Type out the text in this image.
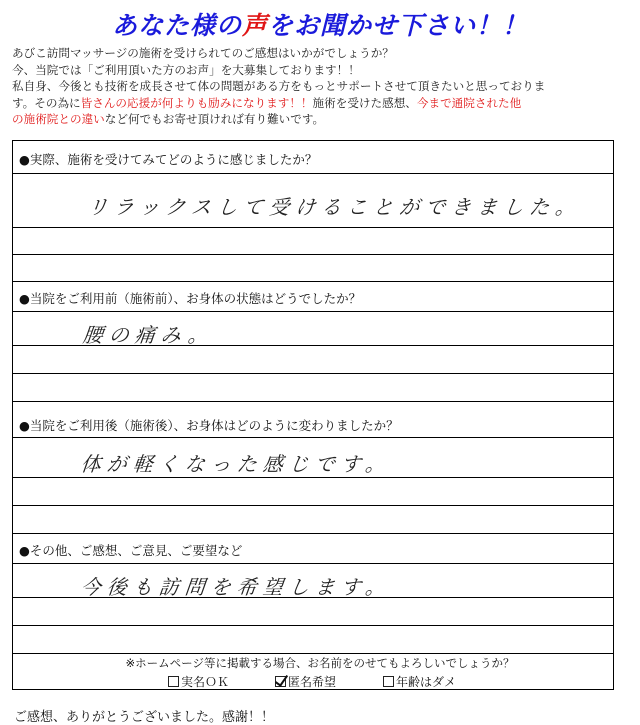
あなた様の声をお聞かせ下さい！！

あびこ訪問マッサージの施術を受けられてのご感想はいかがでしょうか？

今、当院では「ご利用頂いた方のお声」を大募集しております！！

私自身、今後とも技術を成長させて体の問題がある方をもっとサポートさせて頂きたいと思っておりま

す。その為に皆さんの応援が何よりも励みになります！！施術を受けた感想、今まで通院された他

の施術院との違いなど何でもお寄せ頂ければ有り難いです。

●実際、施術を受けてみてどのように感じましたか？
リラックスして受けることができました。
●当院をご利用前（施術前）、お身体の状態はどうでしたか？
腰の痛み。
●当院をご利用後（施術後）、お身体はどのように変わりましたか？
体が軽くなった感じです。
●その他、ご感想、ご意見、ご要望など
今後も訪問を希望します。
※ホームページ等に掲載する場合、お名前をのせてもよろしいでしょうか？
実名ＯＫ	匿名希望	年齢はダメ
ご感想、ありがとうございました。感謝！！
